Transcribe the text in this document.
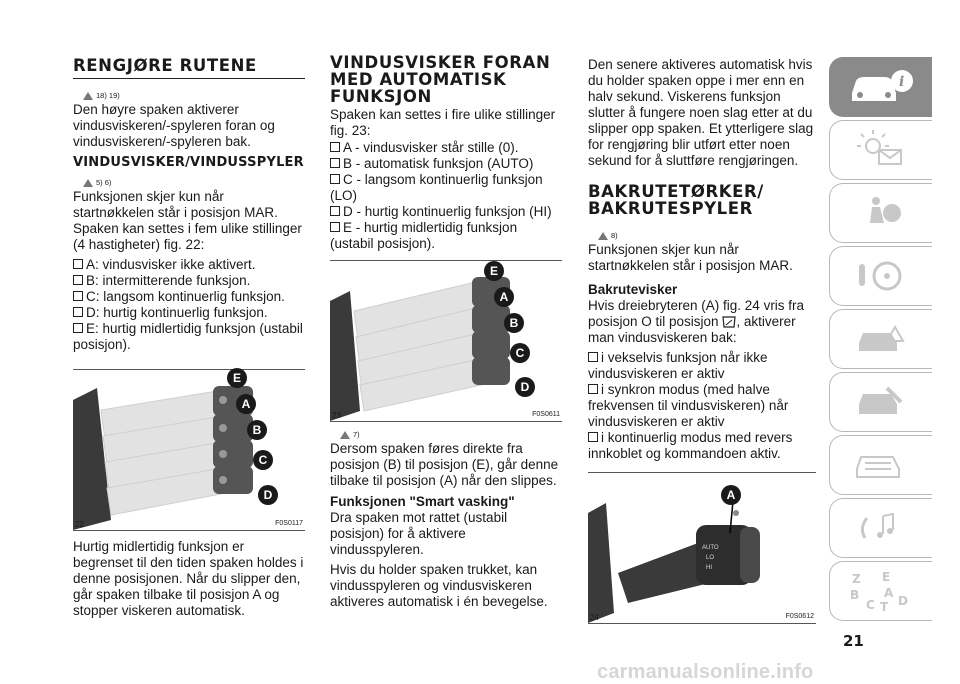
RENGJØRE RUTENE
18) 19)

Den høyre spaken aktiverer vindusviskeren/-spyleren foran og vindusviskeren/-spyleren bak.

VINDUSVISKER/VINDUSSPYLER
5) 6)

Funksjonen skjer kun når startnøkkelen står i posisjon MAR. Spaken kan settes i fem ulike stillinger (4 hastigheter) fig. 22:

A: vindusvisker ikke aktivert.
B: intermitterende funksjon.
C: langsom kontinuerlig funksjon.
D: hurtig kontinuerlig funksjon.
E: hurtig midlertidig funksjon (ustabil posisjon).
E
A
B
C
D
22	F0S0117

Hurtig midlertidig funksjon er begrenset til den tiden spaken holdes i denne posisjonen. Når du slipper den, går spaken tilbake til posisjon A og stopper viskeren automatisk.

VINDUSVISKER FORAN MED AUTOMATISK FUNKSJON

Spaken kan settes i fire ulike stillinger fig. 23:

A - vindusvisker står stille (0).
B - automatisk funksjon (AUTO)
C - langsom kontinuerlig funksjon (LO)
D - hurtig kontinuerlig funksjon (HI)
E - hurtig midlertidig funksjon (ustabil posisjon).
E
A
B
C
D
23	F0S0611
7)

Dersom spaken føres direkte fra posisjon (B) til posisjon (E), går denne tilbake til posisjon (A) når den slippes.

Funksjonen "Smart vasking"

Dra spaken mot rattet (ustabil posisjon) for å aktivere vindusspyleren.

Hvis du holder spaken trukket, kan vindusspyleren og vindusviskeren aktiveres automatisk i én bevegelse.

Den senere aktiveres automatisk hvis du holder spaken oppe i mer enn en halv sekund. Viskerens funksjon slutter å fungere noen slag etter at du slipper opp spaken. Et ytterligere slag for rengjøring blir utført etter noen sekund for å sluttføre rengjøringen.

BAKRUTETØRKER/ BAKRUTESPYLER
8)

Funksjonen skjer kun når startnøkkelen står i posisjon MAR.

Bakrutevisker

Hvis dreiebryteren (A) fig. 24 vris fra posisjon O til posisjon , aktiverer man vindusviskeren bak:

i vekselvis funksjon når ikke vindusviskeren er aktiv
i synkron modus (med halve frekvensen til vindusviskeren) når vindusviskeren er aktiv
i kontinuerlig modus med revers innkoblet og kommandoen aktiv.
AUTO
LO
HI
A
24	F0S0612
i
Z E
B A
C T D
21
carmanualsonline.info
